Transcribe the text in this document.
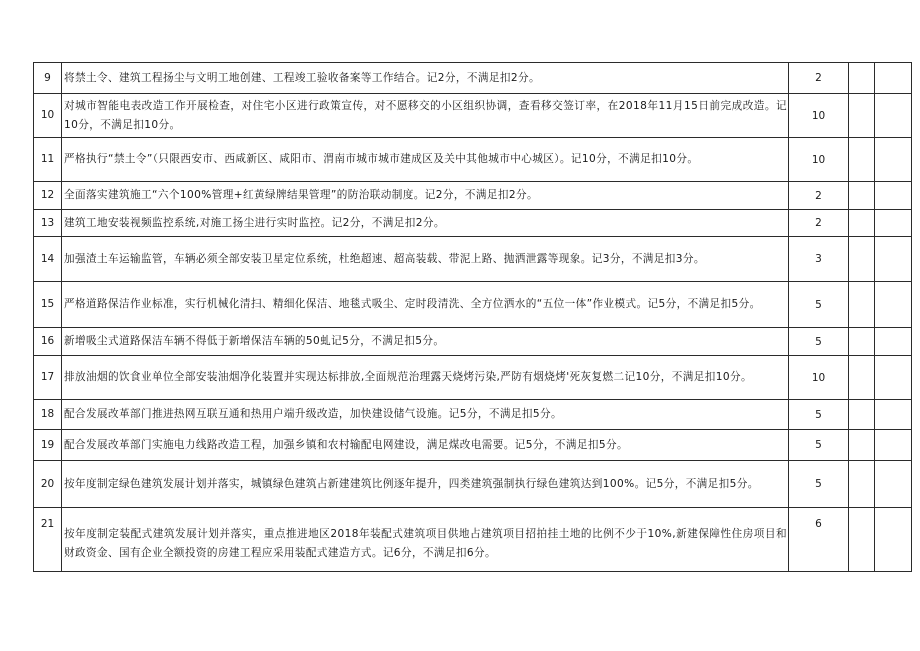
9	将禁土令、建筑工程扬尘与文明工地创建、工程竣工验收备案等工作结合。记2分，不满足扣2分。	2		
10	对城市智能电表改造工作开展检查，对住宅小区进行政策宣传，对不愿移交的小区组织协调，查看移交签订率，在2018年11月15日前完成改造。记10分，不满足扣10分。	10		
11	严格执行“禁土令”（只限西安市、西咸新区、咸阳市、渭南市城市城市建成区及关中其他城市中心城区）。记10分，不满足扣10分。	10		
12	全面落实建筑施工“六个100%管理+红黄绿牌结果管理”的防治联动制度。记2分，不满足扣2分。	2		
13	建筑工地安装视频监控系统,对施工扬尘进行实时监控。记2分，不满足扣2分。	2		
14	加强渣土车运输监管，车辆必须全部安装卫星定位系统，杜绝超速、超高装载、带泥上路、抛洒泄露等现象。记3分，不满足扣3分。	3		
15	严格道路保洁作业标准，实行机械化清扫、精细化保洁、地毯式吸尘、定时段清洗、全方位洒水的“五位一体”作业模式。记5分，不满足扣5分。	5		
16	新增吸尘式道路保洁车辆不得低于新增保洁车辆的50虬记5分，不满足扣5分。	5		
17	排放油烟的饮食业单位全部安装油烟净化装置并实现达标排放,全面规范治理露天烧烤污染,严防有烟烧烤'死灰复燃二记10分，不满足扣10分。	10		
18	配合发展改革部门推进热网互联互通和热用户端升级改造，加快建设储气设施。记5分，不满足扣5分。	5		
19	配合发展改革部门实施电力线路改造工程，加强乡镇和农村输配电网建设，满足煤改电需要。记5分，不满足扣5分。	5		
20	按年度制定绿色建筑发展计划并落实，城镇绿色建筑占新建建筑比例逐年提升，四类建筑强制执行绿色建筑达到100%。记5分，不满足扣5分。	5		
21	按年度制定装配式建筑发展计划并落实，重点推进地区2018年装配式建筑项目供地占建筑项目招拍挂土地的比例不少于10%,新建保障性住房项目和财政资金、国有企业全额投资的房建工程应采用装配式建造方式。记6分，不满足扣6分。	6		
